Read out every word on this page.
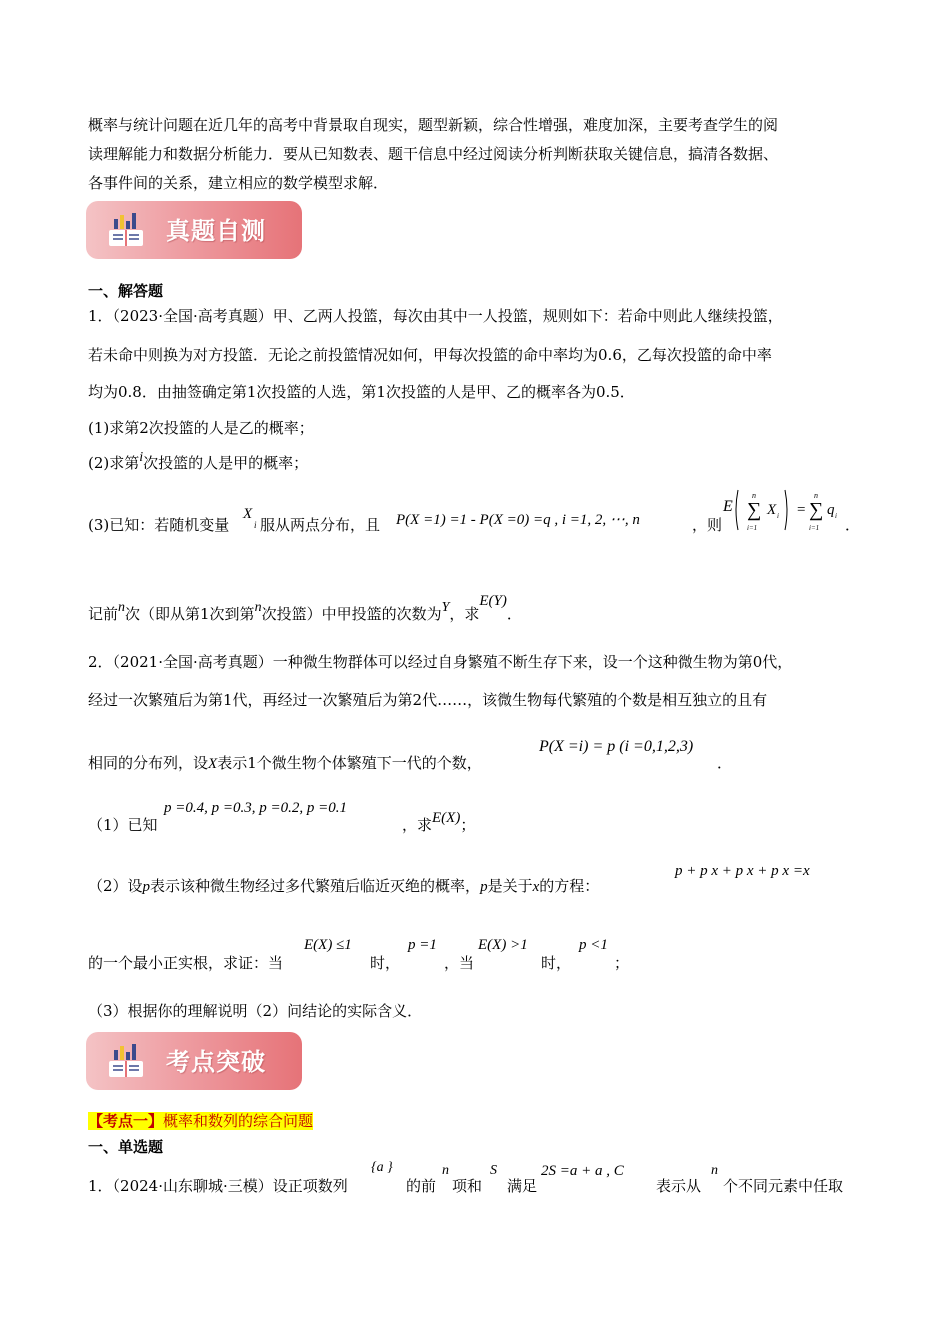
概率与统计问题在近几年的高考中背景取自现实，题型新颖，综合性增强，难度加深，主要考查学生的阅
读理解能力和数据分析能力．要从已知数表、题干信息中经过阅读分析判断获取关键信息，搞清各数据、
各事件间的关系，建立相应的数学模型求解．
真题自测
一、解答题
1．（2023·全国·高考真题）甲、乙两人投篮，每次由其中一人投篮，规则如下：若命中则此人继续投篮，
若未命中则换为对方投篮．无论之前投篮情况如何，甲每次投篮的命中率均为0.6，乙每次投篮的命中率
均为0.8．由抽签确定第1次投篮的人选，第1次投篮的人是甲、乙的概率各为0.5．
(1)求第2次投篮的人是乙的概率；
(2)求第i次投篮的人是甲的概率；
(3)已知：若随机变量
X
i 服从两点分布，且 P(X =1) =1 - P(X =0) =q , i =1, 2, ⋯, n	，则
E ∑
n
i=1
X i = ∑
n
i=1
q i ．
记前n次（即从第1次到第n次投篮）中甲投篮的次数为Y，求E(Y)．
2．（2021·全国·高考真题）一种微生物群体可以经过自身繁殖不断生存下来，设一个这种微生物为第0代，
经过一次繁殖后为第1代，再经过一次繁殖后为第2代……，该微生物每代繁殖的个数是相互独立的且有
相同的分布列，设X表示1个微生物个体繁殖下一代的个数，
P(X =i) = p (i =0,1,2,3)
．
（1）已知
p =0.4, p =0.3, p =0.2, p =0.1
，求E(X)；
（2）设p表示该种微生物经过多代繁殖后临近灭绝的概率，p是关于x的方程：
p + p x + p x + p x =x
的一个最小正实根，求证：当
E(X) ≤1
时，
p =1
，当
E(X) >1
时，
p <1
；
（3）根据你的理解说明（2）问结论的实际含义．
考点突破
【考点一】概率和数列的综合问题
一、单选题
1．（2024·山东聊城·三模）设正项数列
{a }
的前
n
项和
S
满足
2S =a + a , C
表示从
n
个不同元素中任取
